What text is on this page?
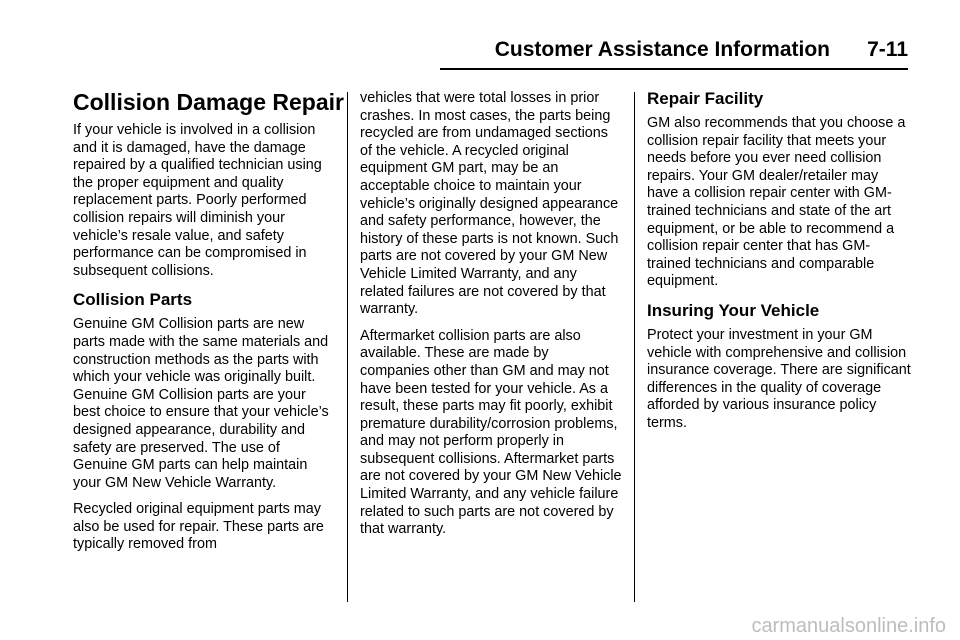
Customer Assistance Information 7-11
Collision Damage Repair

If your vehicle is involved in a collision and it is damaged, have the damage repaired by a qualified technician using the proper equipment and quality replacement parts. Poorly performed collision repairs will diminish your vehicle’s resale value, and safety performance can be compromised in subsequent collisions.

Collision Parts

Genuine GM Collision parts are new parts made with the same materials and construction methods as the parts with which your vehicle was originally built. Genuine GM Collision parts are your best choice to ensure that your vehicle’s designed appearance, durability and safety are preserved. The use of Genuine GM parts can help maintain your GM New Vehicle Warranty.

Recycled original equipment parts may also be used for repair. These parts are typically removed from

vehicles that were total losses in prior crashes. In most cases, the parts being recycled are from undamaged sections of the vehicle. A recycled original equipment GM part, may be an acceptable choice to maintain your vehicle’s originally designed appearance and safety performance, however, the history of these parts is not known. Such parts are not covered by your GM New Vehicle Limited Warranty, and any related failures are not covered by that warranty.

Aftermarket collision parts are also available. These are made by companies other than GM and may not have been tested for your vehicle. As a result, these parts may fit poorly, exhibit premature durability/corrosion problems, and may not perform properly in subsequent collisions. Aftermarket parts are not covered by your GM New Vehicle Limited Warranty, and any vehicle failure related to such parts are not covered by that warranty.

Repair Facility

GM also recommends that you choose a collision repair facility that meets your needs before you ever need collision repairs. Your GM dealer/retailer may have a collision repair center with GM-trained technicians and state of the art equipment, or be able to recommend a collision repair center that has GM-trained technicians and comparable equipment.

Insuring Your Vehicle

Protect your investment in your GM vehicle with comprehensive and collision insurance coverage. There are significant differences in the quality of coverage afforded by various insurance policy terms.

carmanualsonline.info
